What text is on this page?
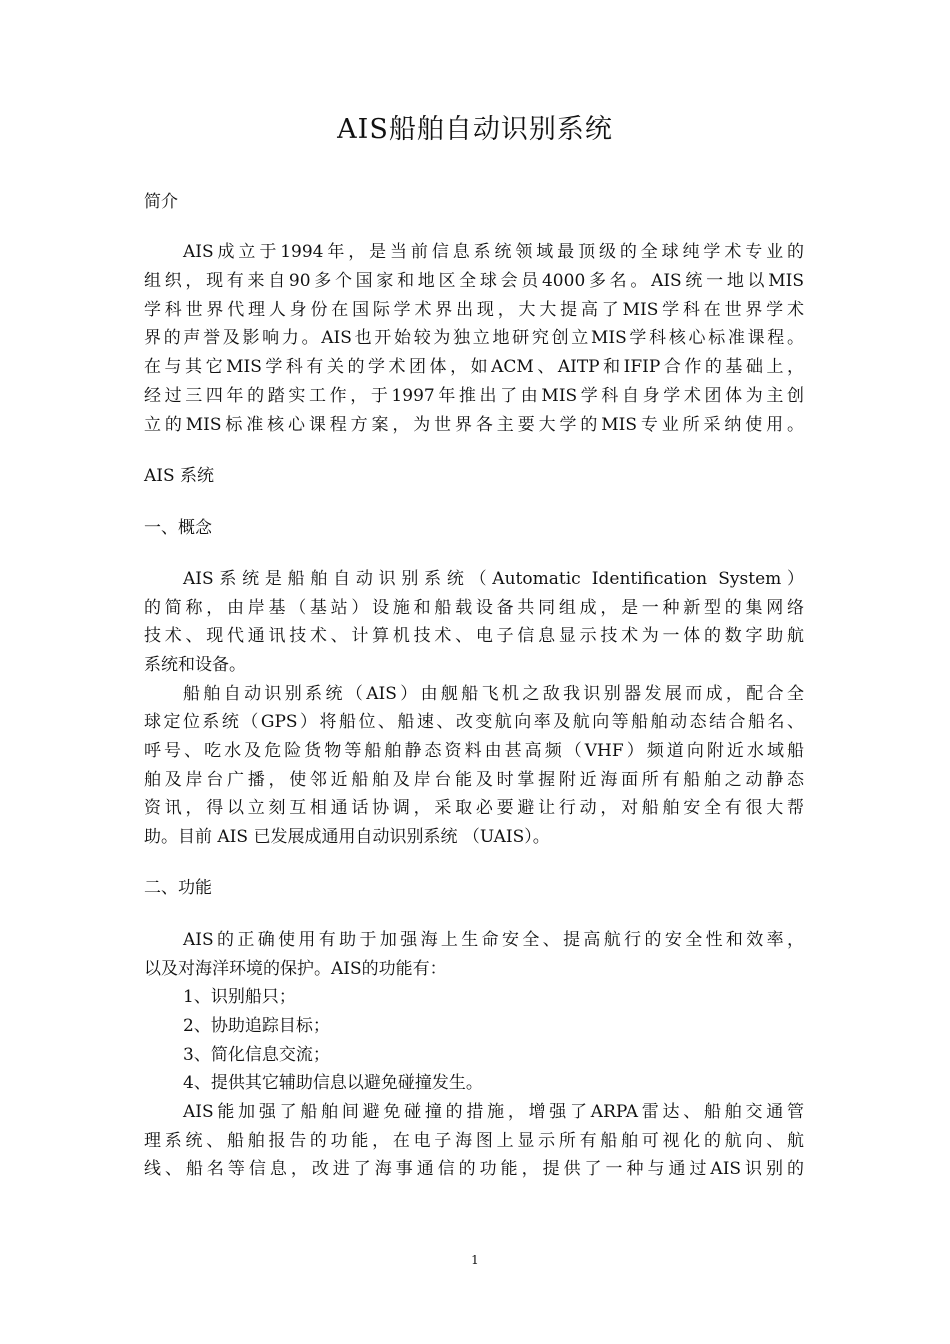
AIS船舶自动识别系统
简介
AIS成立于1994年，是当前信息系统领域最顶级的全球纯学术专业的
组织，现有来自90多个国家和地区全球会员4000多名。AIS统一地以MIS
学科世界代理人身份在国际学术界出现，大大提高了MIS学科在世界学术
界的声誉及影响力。AIS也开始较为独立地研究创立MIS学科核心标准课程。
在与其它MIS学科有关的学术团体，如ACM、AITP和IFIP合作的基础上，
经过三四年的踏实工作，于1997年推出了由MIS学科自身学术团体为主创
立的MIS标准核心课程方案，为世界各主要大学的MIS专业所采纳使用。
AIS 系统
一、概念
AIS系统是船舶自动识别系统（Automatic Identification System）
的简称，由岸基（基站）设施和船载设备共同组成，是一种新型的集网络
技术、现代通讯技术、计算机技术、电子信息显示技术为一体的数字助航
系统和设备。
船舶自动识别系统（AIS）由舰船飞机之敌我识别器发展而成，配合全
球定位系统（GPS）将船位、船速、改变航向率及航向等船舶动态结合船名、
呼号、吃水及危险货物等船舶静态资料由甚高频（VHF）频道向附近水域船
舶及岸台广播，使邻近船舶及岸台能及时掌握附近海面所有船舶之动静态
资讯，得以立刻互相通话协调，采取必要避让行动，对船舶安全有很大帮
助。目前 AIS 已发展成通用自动识别系统 （UAIS）。
二、功能
AIS的正确使用有助于加强海上生命安全、提高航行的安全性和效率，
以及对海洋环境的保护。AIS的功能有：
1、识别船只；
2、协助追踪目标；
3、简化信息交流；
4、提供其它辅助信息以避免碰撞发生。
AIS能加强了船舶间避免碰撞的措施，增强了ARPA雷达、船舶交通管
理系统、船舶报告的功能，在电子海图上显示所有船舶可视化的航向、航
线、船名等信息，改进了海事通信的功能，提供了一种与通过AIS识别的
1
